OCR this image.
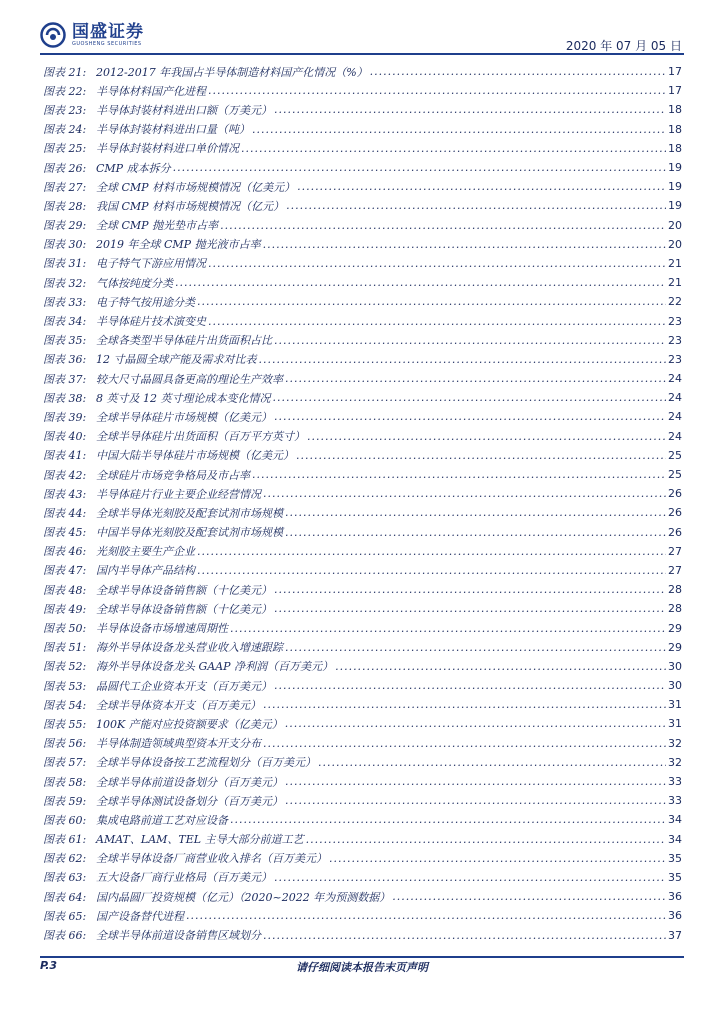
国盛证券
GUOSHENG SECURITIES	2020 年 07 月 05 日
图表 21: 2012-2017 年我国占半导体制造材料国产化情况（%） .....	17
图表 22: 半导体材料国产化进程 .....	17
图表 23: 半导体封装材料进出口额（万美元） .....	18
图表 24: 半导体封装材料进出口量（吨） .....	18
图表 25: 半导体封装材料进口单价情况 .....	18
图表 26: CMP 成本拆分 .....	19
图表 27: 全球 CMP 材料市场规模情况（亿美元） .....	19
图表 28: 我国 CMP 材料市场规模情况（亿元） .....	19
图表 29: 全球 CMP 抛光垫市占率 .....	20
图表 30: 2019 年全球 CMP 抛光液市占率 .....	20
图表 31: 电子特气下游应用情况 .....	21
图表 32: 气体按纯度分类 .....	21
图表 33: 电子特气按用途分类 .....	22
图表 34: 半导体硅片技术演变史 .....	23
图表 35: 全球各类型半导体硅片出货面积占比 .....	23
图表 36: 12 寸晶圆全球产能及需求对比表 .....	23
图表 37: 较大尺寸晶圆具备更高的理论生产效率 .....	24
图表 38: 8 英寸及 12 英寸理论成本变化情况 .....	24
图表 39: 全球半导体硅片市场规模（亿美元） .....	24
图表 40: 全球半导体硅片出货面积（百万平方英寸） .....	24
图表 41: 中国大陆半导体硅片市场规模（亿美元） .....	25
图表 42: 全球硅片市场竞争格局及市占率 .....	25
图表 43: 半导体硅片行业主要企业经营情况 .....	26
图表 44: 全球半导体光刻胶及配套试剂市场规模 .....	26
图表 45: 中国半导体光刻胶及配套试剂市场规模 .....	26
图表 46: 光刻胶主要生产企业 .....	27
图表 47: 国内半导体产品结构 .....	27
图表 48: 全球半导体设备销售额（十亿美元） .....	28
图表 49: 全球半导体设备销售额（十亿美元） .....	28
图表 50: 半导体设备市场增速周期性 .....	29
图表 51: 海外半导体设备龙头营业收入增速跟踪 .....	29
图表 52: 海外半导体设备龙头 GAAP 净利润（百万美元） .....	30
图表 53: 晶圆代工企业资本开支（百万美元） .....	30
图表 54: 全球半导体资本开支（百万美元） .....	31
图表 55: 100K 产能对应投资额要求（亿美元） .....	31
图表 56: 半导体制造领域典型资本开支分布 .....	32
图表 57: 全球半导体设备按工艺流程划分（百万美元） .....	32
图表 58: 全球半导体前道设备划分（百万美元） .....	33
图表 59: 全球半导体测试设备划分（百万美元） .....	33
图表 60: 集成电路前道工艺对应设备 .....	34
图表 61: AMAT、LAM、TEL 主导大部分前道工艺 .....	34
图表 62: 全球半导体设备厂商营业收入排名（百万美元） .....	35
图表 63: 五大设备厂商行业格局（百万美元） .....	35
图表 64: 国内晶圆厂投资规模（亿元）（2020~2022 年为预测数据） .....	36
图表 65: 国产设备替代进程 .....	36
图表 66: 全球半导体前道设备销售区域划分 .....	37
请仔细阅读本报告末页声明
P.3
